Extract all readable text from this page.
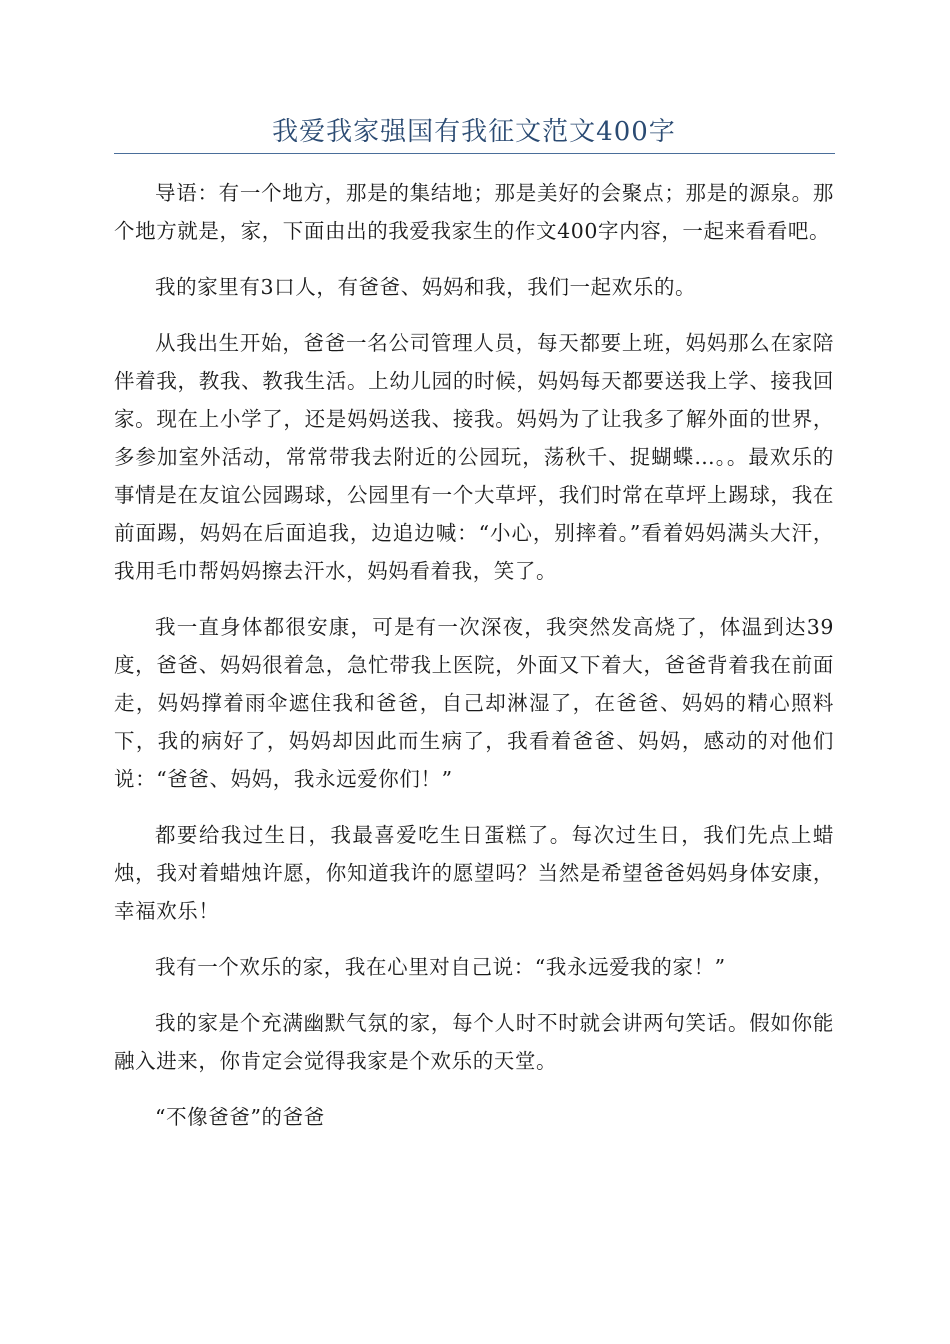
我爱我家强国有我征文范文400字

导语：有一个地方，那是的集结地；那是美好的会聚点；那是的源泉。那个地方就是，家，下面由出的我爱我家生的作文400字内容，一起来看看吧。

我的家里有3口人，有爸爸、妈妈和我，我们一起欢乐的。

从我出生开始，爸爸一名公司管理人员，每天都要上班，妈妈那么在家陪伴着我，教我、教我生活。上幼儿园的时候，妈妈每天都要送我上学、接我回家。现在上小学了，还是妈妈送我、接我。妈妈为了让我多了解外面的世界，多参加室外活动，常常带我去附近的公园玩，荡秋千、捉蝴蝶…。。最欢乐的事情是在友谊公园踢球，公园里有一个大草坪，我们时常在草坪上踢球，我在前面踢，妈妈在后面追我，边追边喊：“小心，别摔着。”看着妈妈满头大汗，我用毛巾帮妈妈擦去汗水，妈妈看着我，笑了。

我一直身体都很安康，可是有一次深夜，我突然发高烧了，体温到达39度，爸爸、妈妈很着急，急忙带我上医院，外面又下着大，爸爸背着我在前面走，妈妈撑着雨伞遮住我和爸爸，自己却淋湿了，在爸爸、妈妈的精心照料下，我的病好了，妈妈却因此而生病了，我看着爸爸、妈妈，感动的对他们说：“爸爸、妈妈，我永远爱你们！”

都要给我过生日，我最喜爱吃生日蛋糕了。每次过生日，我们先点上蜡烛，我对着蜡烛许愿，你知道我许的愿望吗？当然是希望爸爸妈妈身体安康，幸福欢乐！

我有一个欢乐的家，我在心里对自己说：“我永远爱我的家！”

我的家是个充满幽默气氛的家，每个人时不时就会讲两句笑话。假如你能融入进来，你肯定会觉得我家是个欢乐的天堂。

“不像爸爸”的爸爸
